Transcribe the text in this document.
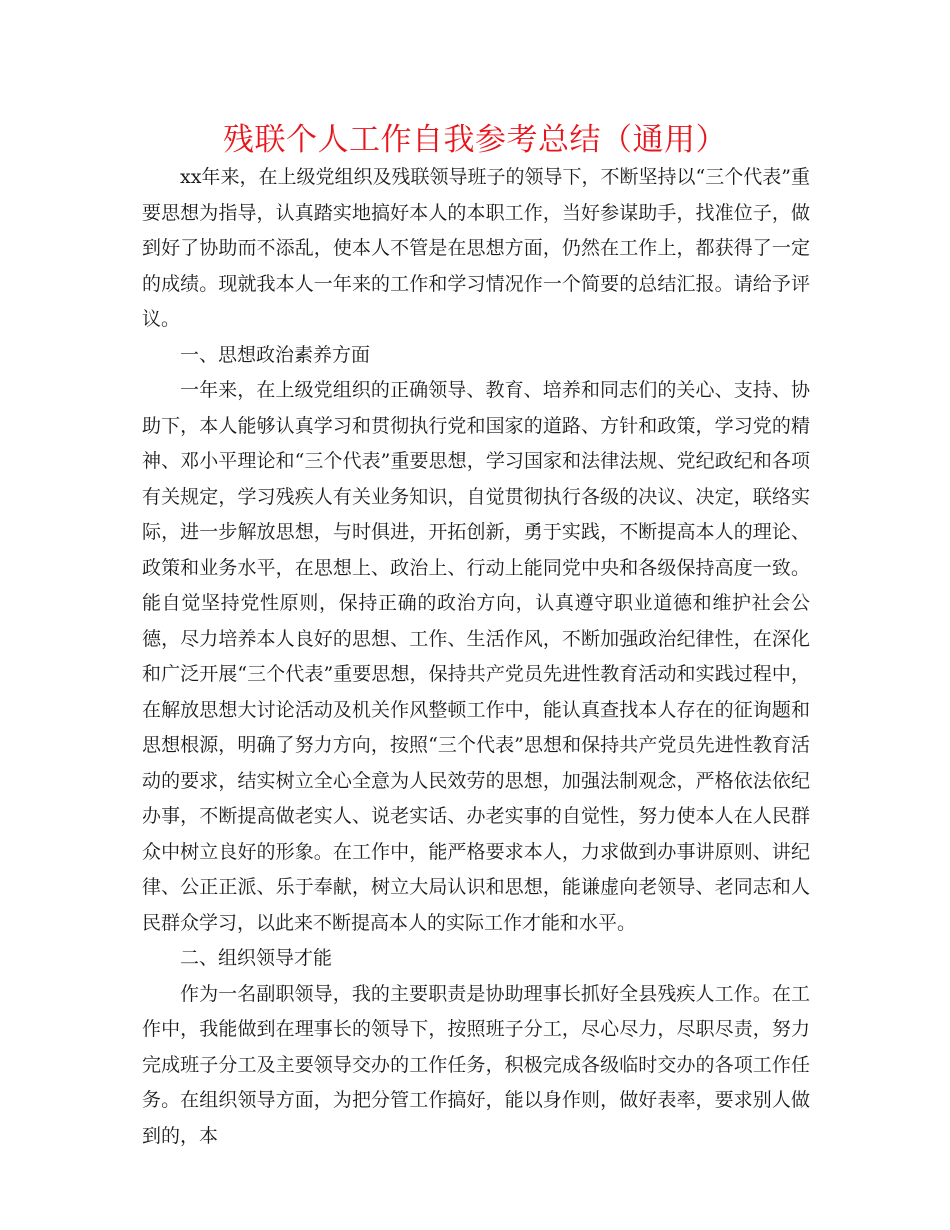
残联个人工作自我参考总结（通用）

xx年来，在上级党组织及残联领导班子的领导下，不断坚持以“三个代表”重要思想为指导，认真踏实地搞好本人的本职工作，当好参谋助手，找准位子，做到好了协助而不添乱，使本人不管是在思想方面，仍然在工作上，都获得了一定的成绩。现就我本人一年来的工作和学习情况作一个简要的总结汇报。请给予评议。

一、思想政治素养方面

一年来，在上级党组织的正确领导、教育、培养和同志们的关心、支持、协助下，本人能够认真学习和贯彻执行党和国家的道路、方针和政策，学习党的精神、邓小平理论和“三个代表”重要思想，学习国家和法律法规、党纪政纪和各项有关规定，学习残疾人有关业务知识，自觉贯彻执行各级的决议、决定，联络实际，进一步解放思想，与时俱进，开拓创新，勇于实践，不断提高本人的理论、政策和业务水平，在思想上、政治上、行动上能同党中央和各级保持高度一致。能自觉坚持党性原则，保持正确的政治方向，认真遵守职业道德和维护社会公德，尽力培养本人良好的思想、工作、生活作风，不断加强政治纪律性，在深化和广泛开展“三个代表”重要思想，保持共产党员先进性教育活动和实践过程中，在解放思想大讨论活动及机关作风整顿工作中，能认真查找本人存在的征询题和思想根源，明确了努力方向，按照“三个代表”思想和保持共产党员先进性教育活动的要求，结实树立全心全意为人民效劳的思想，加强法制观念，严格依法依纪办事，不断提高做老实人、说老实话、办老实事的自觉性，努力使本人在人民群众中树立良好的形象。在工作中，能严格要求本人，力求做到办事讲原则、讲纪律、公正正派、乐于奉献，树立大局认识和思想，能谦虚向老领导、老同志和人民群众学习，以此来不断提高本人的实际工作才能和水平。

二、组织领导才能

作为一名副职领导，我的主要职责是协助理事长抓好全县残疾人工作。在工作中，我能做到在理事长的领导下，按照班子分工，尽心尽力，尽职尽责，努力完成班子分工及主要领导交办的工作任务，积极完成各级临时交办的各项工作任务。在组织领导方面，为把分管工作搞好，能以身作则，做好表率，要求别人做到的，本
